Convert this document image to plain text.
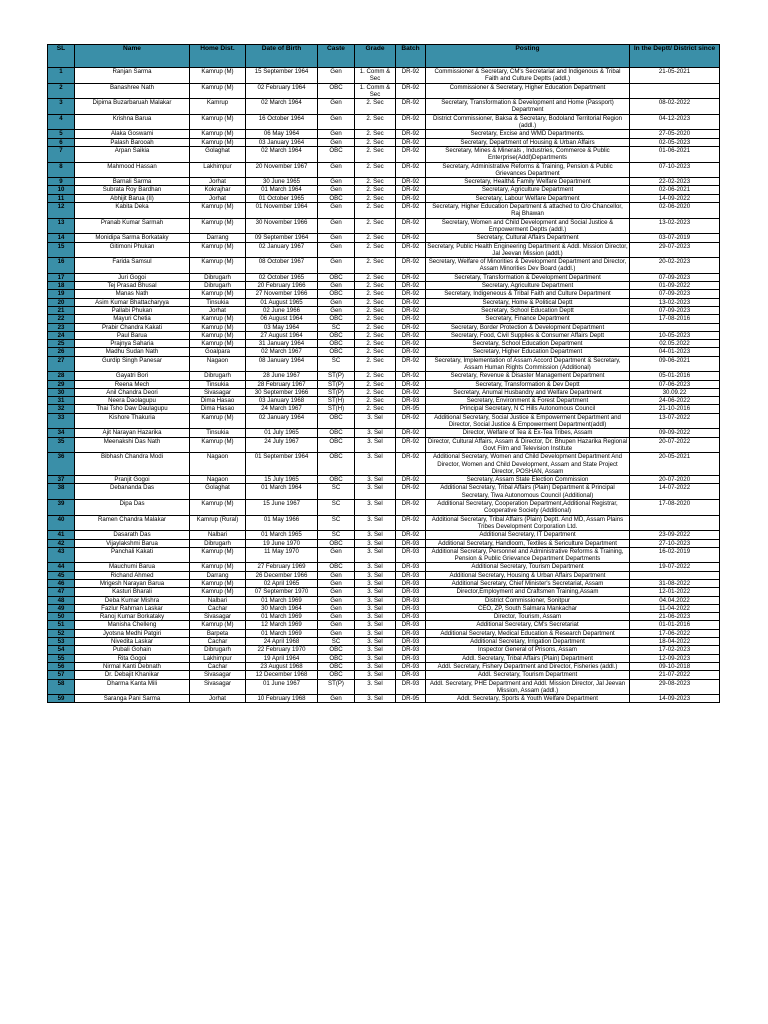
SL	Name	Home Dist.	Date of Birth	Caste	Grade	Batch	Posting	In the Deptt/ District since
1	Ranjan Sarma	Kamrup (M)	15 September 1964	Gen	1. Comm & Sec	DR-92	Commissioner & Secretary, CM's Secretariat and Indigenous & Tribal Faith and Culture Deptts (addl.)	21-05-2021
2	Banashree Nath	Kamrup (M)	02 February 1964	OBC	1. Comm & Sec	DR-92	Commissioner & Secretary, Higher Education Department	
3	Dipima Buzarbaruah Malakar	Kamrup	02 March 1964	Gen	2. Sec	DR-92	Secretary, Transformation & Development and Home (Passport) Department	08-02-2022
4	Krishna Barua	Kamrup (M)	16 October 1964	Gen	2. Sec	DR-92	District Commissioner, Baksa & Secretary, Bodoland Territorial Region (addl.)	04-12-2023
5	Alaka Goswami	Kamrup (M)	06 May 1964	Gen	2. Sec	DR-92	Secretary, Excise and WMD Departments.	27-05-2020
6	Palash Barooah	Kamrup (M)	03 January 1964	Gen	2. Sec	DR-92	Secretary, Department of Housing & Urban Affairs	02-05-2023
7	Arpan Saikia	Golaghat	02 March 1964	OBC	2. Sec	DR-92	Secretary, Mines & Minerals , Industries, Commerce & Public Enterprise(Addl)Departments	01-06-2021
8	Mahmood Hassan	Lakhimpur	20 November 1967	Gen	2. Sec	DR-92	Secretary, Administrative Reforms & Training, Pension & Public Grievances Department	07-10-2023
9	Barnali Sarma	Jorhat	30 June 1965	Gen	2. Sec	DR-92	Secretary, Health& Family Welfare Department	22-02-2023
10	Subrata Roy Bardhan	Kokrajhar	01 March 1964	Gen	2. Sec	DR-92	Secretary, Agriculture Department	02-06-2021
11	Abhijit Barua (II)	Jorhat	01 October 1965	OBC	2. Sec	DR-92	Secretary, Labour Welfare Department	14-09-2022
12	Kabita Deka	Kamrup (M)	01 November 1964	Gen	2. Sec	DR-92	Secretary, Higher Education Department & attached to O/o Chancellor, Raj Bhawan	02-06-2020
13	Pranab Kumar Sarmah	Kamrup (M)	30 November 1966	Gen	2. Sec	DR-92	Secretary, Women and Child Development and Social Justice & Empowerment Deptts (addl.)	13-02-2023
14	Monidipa Sarma Borkataky	Darrang	09 September 1964	Gen	2. Sec	DR-92	Secretary, Cultural Affairs Department	03-07-2019
15	Gitimoni Phukan	Kamrup (M)	02 January 1967	Gen	2. Sec	DR-92	Secretary, Public Health Engineering Department & Addl. Mission Director, Jal Jeevan Mission (addl.)	29-07-2023
16	Farida Samsul	Kamrup (M)	08 October 1967	Gen	2. Sec	DR-92	Secretary, Welfare of Minorities & Development Department and Director, Assam Minorities Dev Board (addl.)	20-02-2023
17	Juri Gogoi	Dibrugarh	02 October 1965	OBC	2. Sec	DR-92	Secretary, Transformation & Development Department	07-09-2023
18	Tej Prasad Bhusal	Dibrugarh	20 February 1966	Gen	2. Sec	DR-92	Secretary, Agriculture Department	01-09-2022
19	Manas Nath	Kamrup (M)	27 November 1966	OBC	2. Sec	DR-92	Secretary, Indigeneous & Tribal Faith and Culture Department	07-09-2023
20	Asim Kumar Bhattacharyya	Tinsukia	01 August 1965	Gen	2. Sec	DR-92	Secretary, Home & Political Deptt	13-02-2023
21	Pallabi Phukan	Jorhat	02 June 1966	Gen	2. Sec	DR-92	Secretary, School Education Deptt	07-09-2023
22	Mayuri Chetia	Kamrup (M)	06 August 1964	OBC	2. Sec	DR-92	Secretary, Finance Department	17-08-2016
23	Prabir Chandra Kakati	Kamrup (M)	03 May 1964	SC	2. Sec	DR-92	Secretary, Border Protection & Development Department	
24	Paul Barua	Kamrup (M)	27 August 1964	OBC	2. Sec	DR-92	Secretary, Food, Civil Supplies & Consumer Affairs Deptt	10-05-2023
25	Prajnya Saharia	Kamrup (M)	31 January 1964	OBC	2. Sec	DR-92	Secretary, School Education Department	02.05.2022
26	Madhu Sudan Nath	Goalpara	02 March 1967	OBC	2. Sec	DR-92	Secretary, Higher Education Department	04-01-2023
27	Gurdip Singh Panesar	Nagaon	08 January 1964	SC	2. Sec	DR-92	Secretary, Implementation of Assam Accord Department & Secretary, Assam Human Rights Commission (Additional)	09-06-2021
28	Gayatri Bori	Dibrugarh	28 June 1967	ST(P)	2. Sec	DR-92	Secretary, Revenue & Disaster Management Department	05-01-2016
29	Reena Mech	Tinsukia	28 February 1967	ST(P)	2. Sec	DR-92	Secretary, Transformation & Dev Deptt	07-06-2023
30	Anil Chandra Deori	Sivasagar	30 September 1966	ST(P)	2. Sec	DR-92	Secretary, Anumal Husbandry and Welfare Department	30.09.22
31	Neera Daolagupu	Dima Hasao	03 January 1968	ST(H)	2. Sec	DR-93	Secretary, Environment & Forest Department	24-06-2022
32	Thai Tsho Daw Daulagupu	Dima Hasao	24 March 1967	ST(H)	2. Sec	DR-95	Principal Secretary, N C Hills Autonomous Council	21-10-2016
33	Kishore Thakuria	Kamrup (M)	02 January 1964	OBC	3. Sel	DR-92	Additional Secretary, Social Justice & Empowerment Department and Director, Social Justice & Empowerment Department(addl)	13-07-2022
34	Ajit Narayan Hazarika	Tinsukia	01 July 1965	OBC	3. Sel	DR-92	Director, Welfare of Tea & Ex-Tea Tribes, Assam	09-09-2022
35	Meenakshi Das Nath	Kamrup (M)	24 July 1967	OBC	3. Sel	DR-92	Director, Cultural Affairs, Assam & Director, Dr. Bhupen Hazarika Regional Govt Film and Television Institute	20-07-2022
36	Bibhash Chandra Modi	Nagaon	01 September 1964	OBC	3. Sel	DR-92	Additional Secretary, Women and Child Development Department And Director, Women and Child Development, Assam and State Project Director, POSHAN, Assam	20-05-2021
37	Pranjit Gogoi	Nagaon	15 July 1965	OBC	3. Sel	DR-92	Secretary, Assam State Election Commission	20-07-2020
38	Debananda Das	Golaghat	01 March 1964	SC	3. Sel	DR-92	Additional Secretary, Tribal Affairs (Plain) Department & Principal Secretary, Tiwa Autonomous Council (Additional)	14-07-2022
39	Dipa Das	Kamrup (M)	15 June 1967	SC	3. Sel	DR-92	Additional Secretary, Cooperation Department,Additional Registrar, Cooperative Society (Additional)	17-08-2020
40	Ramen Chandra Malakar	Kamrup (Rural)	01 May 1966	SC	3. Sel	DR-92	Additional Secretary, Tribal Affairs (Plain) Deptt. And MD, Assam Plains Tribes Development Corporation Ltd.	
41	Dasarath Das	Nalbari	01 March 1965	SC	3. Sel	DR-92	Additional Secretary, IT Department	23-09-2022
42	Vijaylakshmi Barua	Dibrugarh	19 June 1970	OBC	3. Sel	DR-93	Additional Secretary, Handloom, Textiles & Sericulture Department	27-10-2023
43	Panchali Kakati	Kamrup (M)	11 May 1970	Gen	3. Sel	DR-93	Additional Secretary, Personnel and Administrative Reforms & Training, Pension & Public Grievance Department Departments	16-02-2019
44	Mauchumi Barua	Kamrup (M)	27 February 1969	OBC	3. Sel	DR-93	Additional Secretary, Tourism Department	19-07-2022
45	Richand Ahmed	Darrang	26 December 1966	Gen	3. Sel	DR-93	Additional Secretary, Housing & Urban Affairs Department	
46	Mrigesh Narayan Barua	Kamrup (M)	02 April 1965	Gen	3. Sel	DR-93	Additional Secretary, Chief Minister's Secretariat, Assam	31-08-2022
47	Kasturi Bharali	Kamrup (M)	07 September 1970	Gen	3. Sel	DR-93	Director,Employment and Craftsmen Training,Assam	12-01-2022
48	Deba Kumar Mishra	Nalbari	01 March 1969	Gen	3. Sel	DR-93	District Commissioner, Sonitpur	04.04.2022
49	Fazlur Rahman Laskar	Cachar	30 March 1964	Gen	3. Sel	DR-93	CEO, ZP, South Salmara Mankachar	11-04-2022
50	Ranoj Kumar Borkataky	Sivasagar	01 March 1969	Gen	3. Sel	DR-93	Director, Tourism, Assam	21-06-2023
51	Manisha Chelleng	Kamrup (M)	12 March 1969	Gen	3. Sel	DR-93	Additional Secretary, CM's Secretariat	01-01-2016
52	Jyotsna Medhi Patgiri	Barpeta	01 March 1969	Gen	3. Sel	DR-93	Additional Secretary, Medical Education & Research Department	17-06-2022
53	Nivedita Laskar	Cachar	24 April 1968	SC	3. Sel	DR-93	Additional Secretary, Irrigation Department	18-04-2022
54	Pubali Gohain	Dibrugarh	22 February 1970	OBC	3. Sel	DR-93	Inspector General of Prisons, Assam	17-02-2023
55	Rita Gogoi	Lakhimpur	19 April 1964	OBC	3. Sel	DR-93	Addl. Secretary, Tribal Affairs (Plain) Department	12-09-2023
56	Nirmal Kanti Debnath	Cachar	23 August 1968	OBC	3. Sel	DR-93	Addl. Secretary, Fishery Department and Director, Fisheries (addl.)	09-10-2018
57	Dr. Debajit Khanikar	Sivasagar	12 December 1968	OBC	3. Sel	DR-93	Addl. Secretary, Tourism Department	21-07-2022
58	Dharma Kanta Mili	Sivasagar	01 June 1967	ST(P)	3. Sel	DR-93	Addl. Secretary, PHE Department and Addl. Mission Director, Jal Jeevan Mission, Assam (addl.)	29-08-2023
59	Saranga Pani Sarma	Jorhat	10 February 1968	Gen	3. Sel	DR-95	Addl. Secretary, Sports & Youth Welfare Department	14-09-2023
